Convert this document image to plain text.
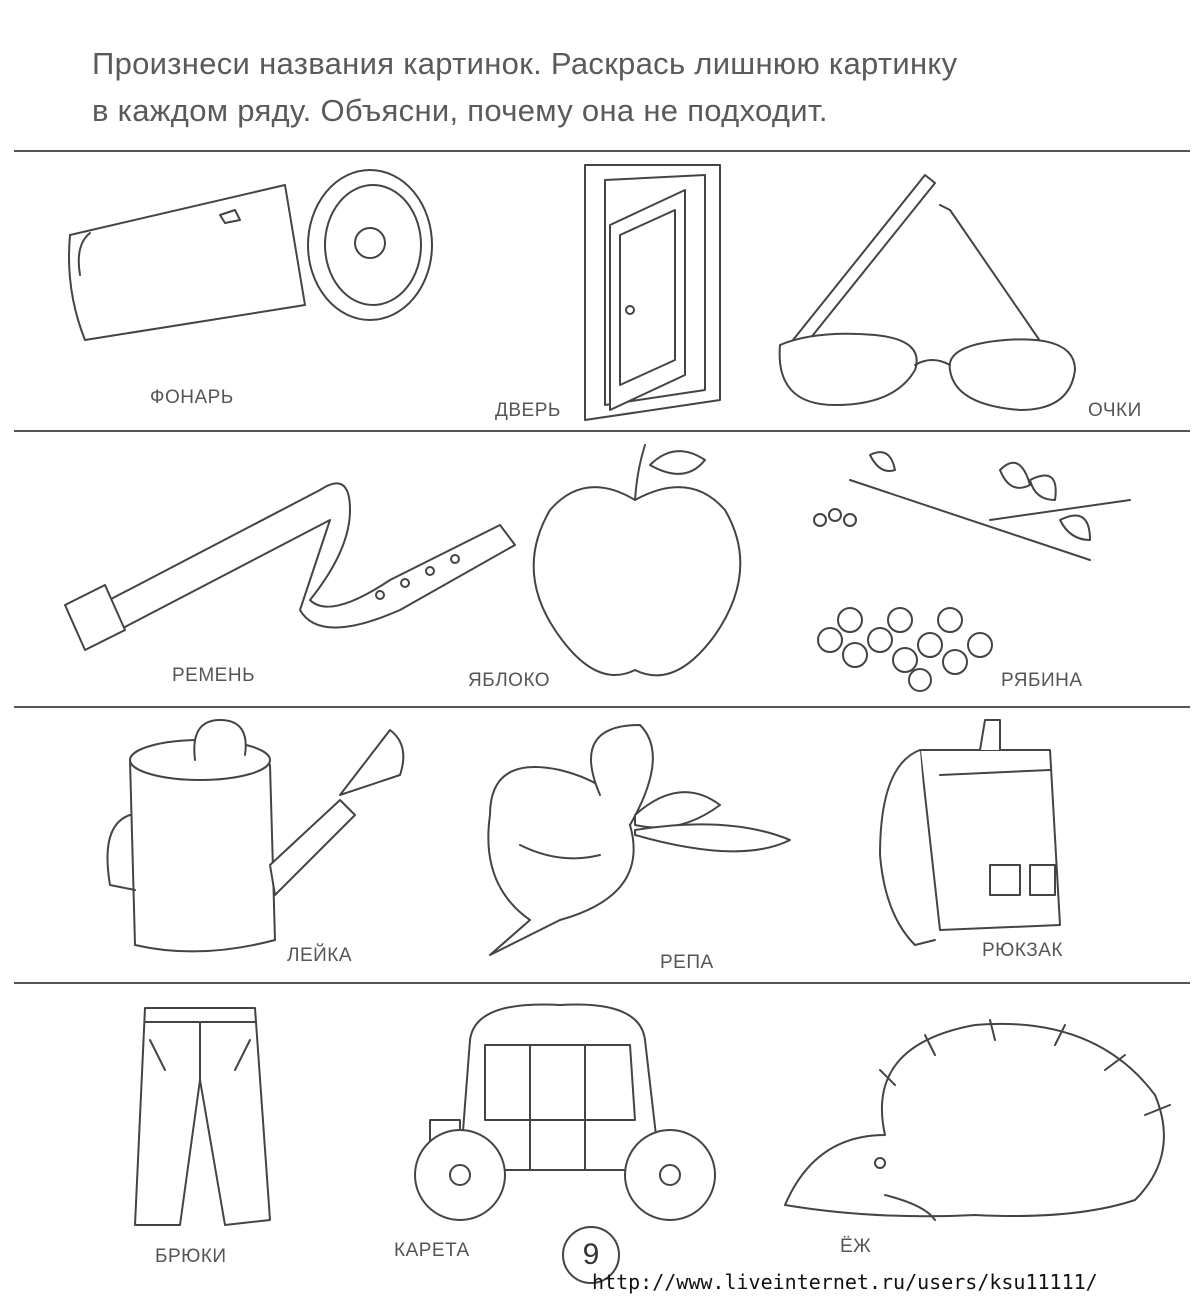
Произнеси названия картинок. Раскрась лишнюю картинку
в каждом ряду. Объясни, почему она не подходит.
ФОНАРЬ
ДВЕРЬ	ОЧКИ
РЕМЕНЬ	ЯБЛОКО	РЯБИНА
ЛЕЙКА	РЕПА
РЮКЗАК
БРЮКИ	КАРЕТА	ЁЖ
9
http://www.liveinternet.ru/users/ksu11111/
